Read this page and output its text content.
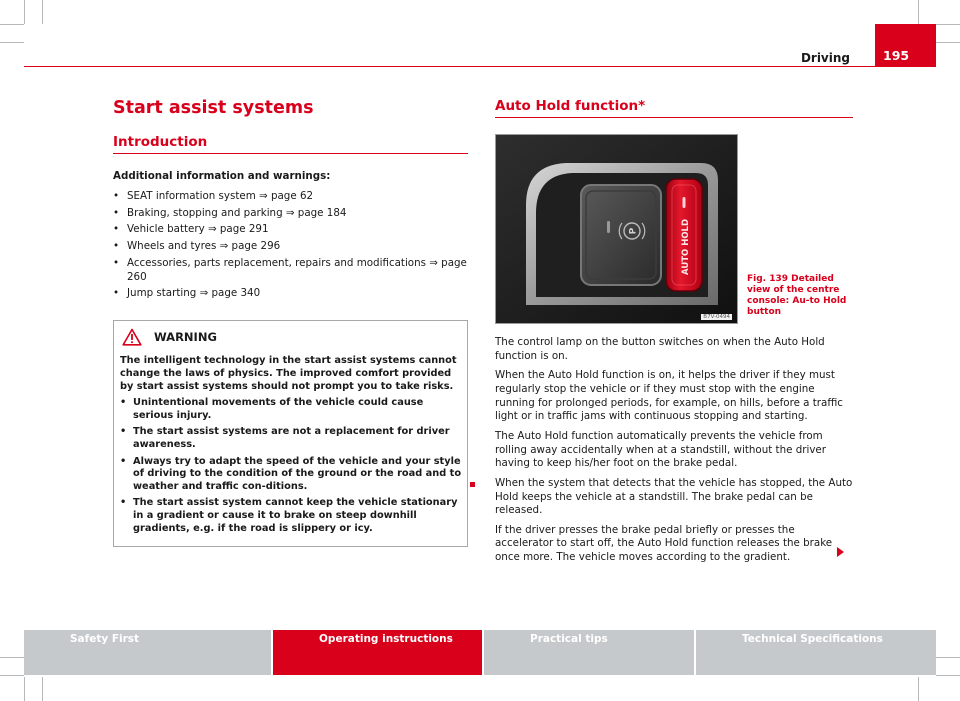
Driving	195
Start assist systems
Introduction
Additional information and warnings:
• SEAT information system ⇒ page 62
• Braking, stopping and parking ⇒ page 184
• Vehicle battery ⇒ page 291
• Wheels and tyres ⇒ page 296
• Accessories, parts replacement, repairs and modifications ⇒ page 260
• Jump starting ⇒ page 340
WARNING

The intelligent technology in the start assist systems cannot change the laws of physics. The improved comfort provided by start assist systems should not prompt you to take risks.

• Unintentional movements of the vehicle could cause serious injury.

• The start assist systems are not a replacement for driver awareness.

• Always try to adapt the speed of the vehicle and your style of driving to the condition of the ground or the road and to weather and traffic con-ditions.

• The start assist system cannot keep the vehicle stationary in a gradient or cause it to brake on steep downhill gradients, e.g. if the road is slippery or icy.

Auto Hold function*
P	AUTO HOLD
B7V-0494
Fig. 139 Detailed view of the centre console: Au-to Hold button

The control lamp on the button switches on when the Auto Hold function is on.

When the Auto Hold function is on, it helps the driver if they must regularly stop the vehicle or if they must stop with the engine running for prolonged periods, for example, on hills, before a traffic light or in traffic jams with continuous stopping and starting.

The Auto Hold function automatically prevents the vehicle from rolling away accidentally when at a standstill, without the driver having to keep his/her foot on the brake pedal.

When the system that detects that the vehicle has stopped, the Auto Hold keeps the vehicle at a standstill. The brake pedal can be released.

If the driver presses the brake pedal briefly or presses the accelerator to start off, the Auto Hold function releases the brake once more. The vehicle moves according to the gradient.

Safety First	Operating instructions	Practical tips	Technical Specifications
